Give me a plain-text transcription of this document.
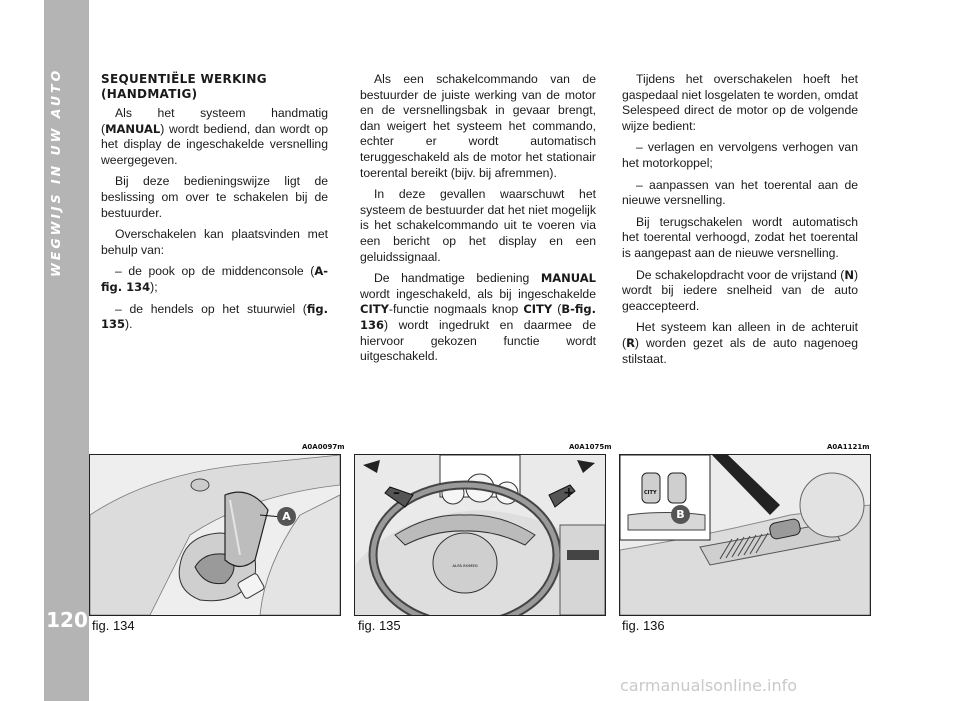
WEGWIJS IN UW AUTO
120
SEQUENTIËLE WERKING
(HANDMATIG)

Als het systeem handmatig (MANUAL) wordt bediend, dan wordt op het display de ingeschakelde versnelling weergegeven.

Bij deze bedieningswijze ligt de beslissing om over te schakelen bij de bestuurder.

Overschakelen kan plaatsvinden met behulp van:

– de pook op de middenconsole (A-fig. 134);

– de hendels op het stuurwiel (fig. 135).

Als een schakelcommando van de bestuurder de juiste werking van de motor en de versnellingsbak in gevaar brengt, dan weigert het systeem het commando, echter er wordt automatisch teruggeschakeld als de motor het stationair toerental bereikt (bijv. bij afremmen).

In deze gevallen waarschuwt het systeem de bestuurder dat het niet mogelijk is het schakelcommando uit te voeren via een bericht op het display en een geluidssignaal.

De handmatige bediening MANUAL wordt ingeschakeld, als bij ingeschakelde CITY-functie nogmaals knop CITY (B-fig. 136) wordt ingedrukt en daarmee de hiervoor gekozen functie wordt uitgeschakeld.

Tijdens het overschakelen hoeft het gaspedaal niet losgelaten te worden, omdat Selespeed direct de motor op de volgende wijze bedient:

– verlagen en vervolgens verhogen van het motorkoppel;

– aanpassen van het toerental aan de nieuwe versnelling.

Bij terugschakelen wordt automatisch het toerental verhoogd, zodat het toerental is aangepast aan de nieuwe versnelling.

De schakelopdracht voor de vrijstand (N) wordt bij iedere snelheid van de auto geaccepteerd.

Het systeem kan alleen in de achteruit (R) worden gezet als de auto nagenoeg stilstaat.

A0A0097m
A
fig. 134
A0A1075m
–	+
ALFA ROMEO
fig. 135
A0A1121m
CITY
B
fig. 136
carmanualsonline.info
